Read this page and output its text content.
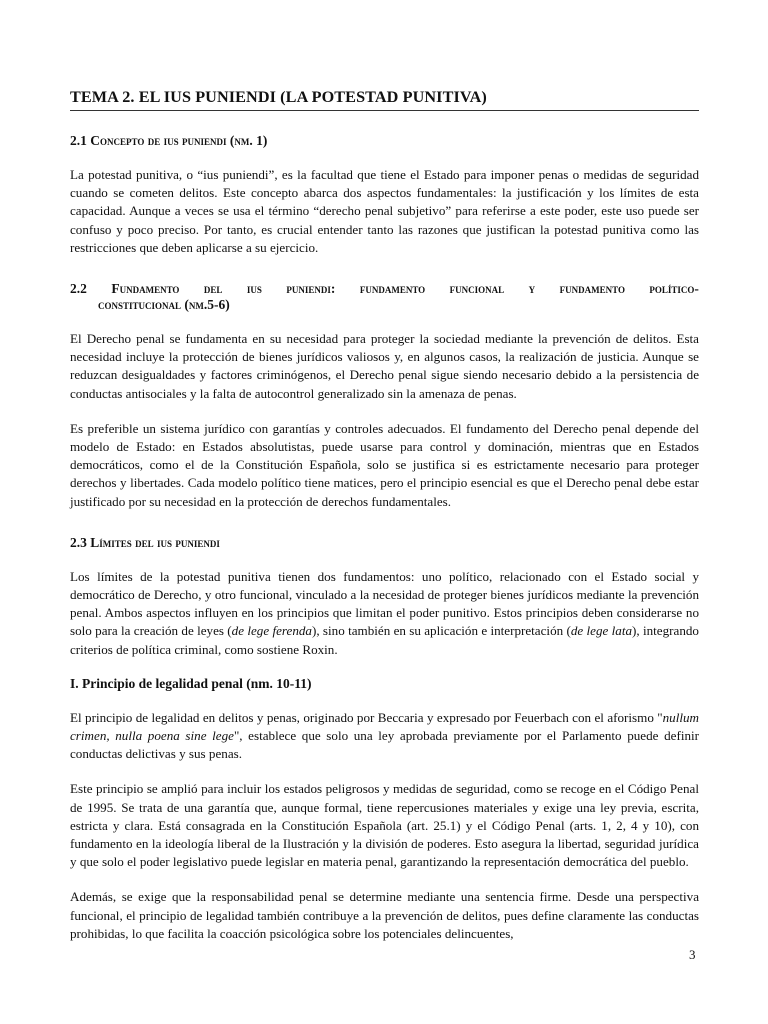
TEMA 2. EL IUS PUNIENDI (LA POTESTAD PUNITIVA)
2.1 Concepto de ius puniendi (nm. 1)

La potestad punitiva, o “ius puniendi”, es la facultad que tiene el Estado para imponer penas o medidas de seguridad cuando se cometen delitos. Este concepto abarca dos aspectos fundamentales: la justificación y los límites de esta capacidad. Aunque a veces se usa el término “derecho penal subjetivo” para referirse a este poder, este uso puede ser confuso y poco preciso. Por tanto, es crucial entender tanto las razones que justifican la potestad punitiva como las restricciones que deben aplicarse a su ejercicio.

2.2 Fundamento del ius puniendi: fundamento funcional y fundamento político-
constitucional (nm.5-6)

El Derecho penal se fundamenta en su necesidad para proteger la sociedad mediante la prevención de delitos. Esta necesidad incluye la protección de bienes jurídicos valiosos y, en algunos casos, la realización de justicia. Aunque se reduzcan desigualdades y factores criminógenos, el Derecho penal sigue siendo necesario debido a la persistencia de conductas antisociales y la falta de autocontrol generalizado sin la amenaza de penas.

Es preferible un sistema jurídico con garantías y controles adecuados. El fundamento del Derecho penal depende del modelo de Estado: en Estados absolutistas, puede usarse para control y dominación, mientras que en Estados democráticos, como el de la Constitución Española, solo se justifica si es estrictamente necesario para proteger derechos y libertades. Cada modelo político tiene matices, pero el principio esencial es que el Derecho penal debe estar justificado por su necesidad en la protección de derechos fundamentales.

2.3 Límites del ius puniendi

Los límites de la potestad punitiva tienen dos fundamentos: uno político, relacionado con el Estado social y democrático de Derecho, y otro funcional, vinculado a la necesidad de proteger bienes jurídicos mediante la prevención penal. Ambos aspectos influyen en los principios que limitan el poder punitivo. Estos principios deben considerarse no solo para la creación de leyes (de lege ferenda), sino también en su aplicación e interpretación (de lege lata), integrando criterios de política criminal, como sostiene Roxin.

I. Principio de legalidad penal (nm. 10-11)

El principio de legalidad en delitos y penas, originado por Beccaria y expresado por Feuerbach con el aforismo "nullum crimen, nulla poena sine lege", establece que solo una ley aprobada previamente por el Parlamento puede definir conductas delictivas y sus penas.

Este principio se amplió para incluir los estados peligrosos y medidas de seguridad, como se recoge en el Código Penal de 1995. Se trata de una garantía que, aunque formal, tiene repercusiones materiales y exige una ley previa, escrita, estricta y clara. Está consagrada en la Constitución Española (art. 25.1) y el Código Penal (arts. 1, 2, 4 y 10), con fundamento en la ideología liberal de la Ilustración y la división de poderes. Esto asegura la libertad, seguridad jurídica y que solo el poder legislativo puede legislar en materia penal, garantizando la representación democrática del pueblo.

Además, se exige que la responsabilidad penal se determine mediante una sentencia firme. Desde una perspectiva funcional, el principio de legalidad también contribuye a la prevención de delitos, pues define claramente las conductas prohibidas, lo que facilita la coacción psicológica sobre los potenciales delincuentes,

3
